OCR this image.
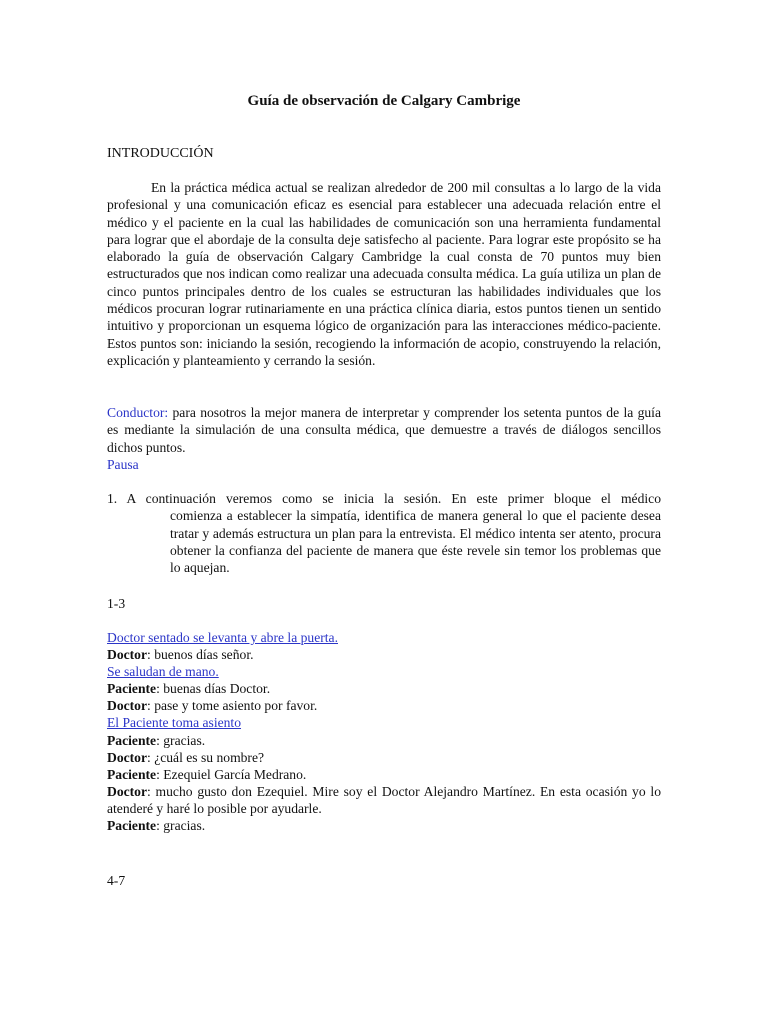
Guía de observación de Calgary Cambrige
INTRODUCCIÓN
En la práctica médica actual se realizan alrededor de 200 mil consultas a lo largo de la vida profesional y una comunicación eficaz es esencial para establecer una adecuada relación entre el médico y el paciente en la cual las habilidades de comunicación son una herramienta fundamental para lograr que el abordaje de la consulta deje satisfecho al paciente. Para lograr este propósito se ha elaborado la guía de observación Calgary Cambridge la cual consta de 70 puntos muy bien estructurados que nos indican como realizar una adecuada consulta médica. La guía utiliza un plan de cinco puntos principales dentro de los cuales se estructuran las habilidades individuales que los médicos procuran lograr rutinariamente en una práctica clínica diaria, estos puntos tienen un sentido intuitivo y proporcionan un esquema lógico de organización para las interacciones médico-paciente. Estos puntos son: iniciando la sesión, recogiendo la información de acopio, construyendo la relación, explicación y planteamiento y cerrando la sesión.
Conductor: para nosotros la mejor manera de interpretar y comprender los setenta puntos de la guía es mediante la simulación de una consulta médica, que demuestre a través de diálogos sencillos dichos puntos.
Pausa
1. A continuación veremos como se inicia la sesión. En este primer bloque el médico
comienza a establecer la simpatía, identifica de manera general lo que el paciente desea tratar y además estructura un plan para la entrevista. El médico intenta ser atento, procura obtener la confianza del paciente de manera que éste revele sin temor los problemas que lo aquejan.
1-3
Doctor sentado se levanta y abre la puerta.
Doctor: buenos días señor.
Se saludan de mano.
Paciente: buenas días Doctor.
Doctor: pase y tome asiento por favor.
El Paciente toma asiento
Paciente: gracias.
Doctor: ¿cuál es su nombre?
Paciente: Ezequiel García Medrano.
Doctor: mucho gusto don Ezequiel. Mire soy el Doctor Alejandro Martínez. En esta ocasión yo lo atenderé y haré lo posible por ayudarle.
Paciente: gracias.
4-7
